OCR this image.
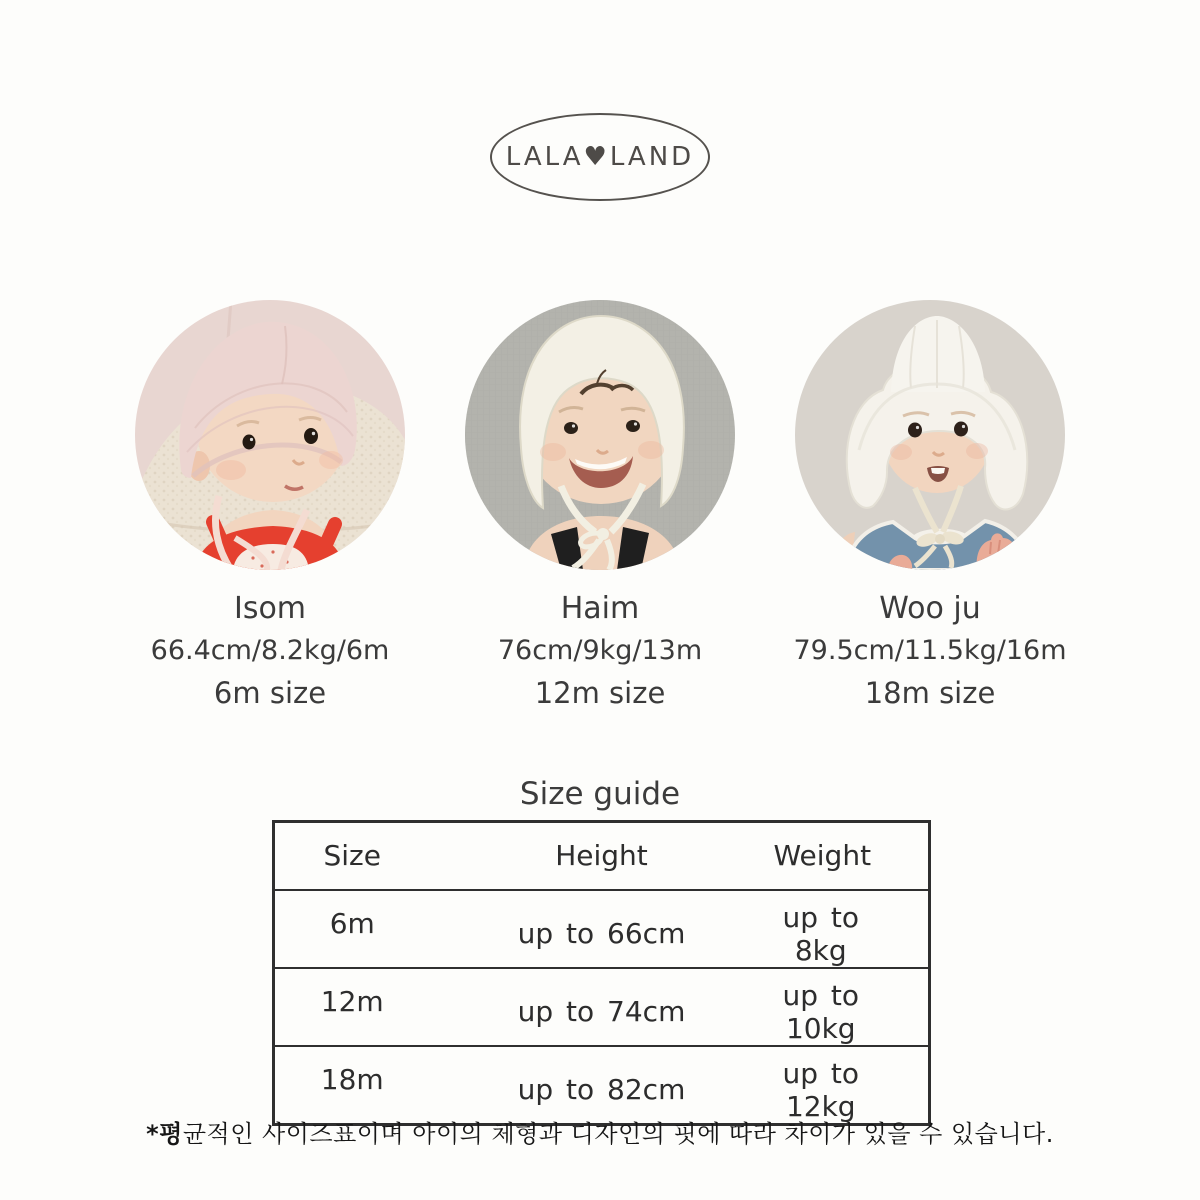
LALA♥LAND
Isom
66.4cm/8.2kg/6m
6m size
Haim
76cm/9kg/13m
12m size
Woo ju
79.5cm/11.5kg/16m
18m size
Size guide
Size	Height	Weight
6m	up to 66cm	up to 8kg
12m	up to 74cm	up to 10kg
18m	up to 82cm	up to 12kg

*평균적인 사이즈표이며 아이의 체형과 디자인의 핏에 따라 차이가 있을 수 있습니다.
